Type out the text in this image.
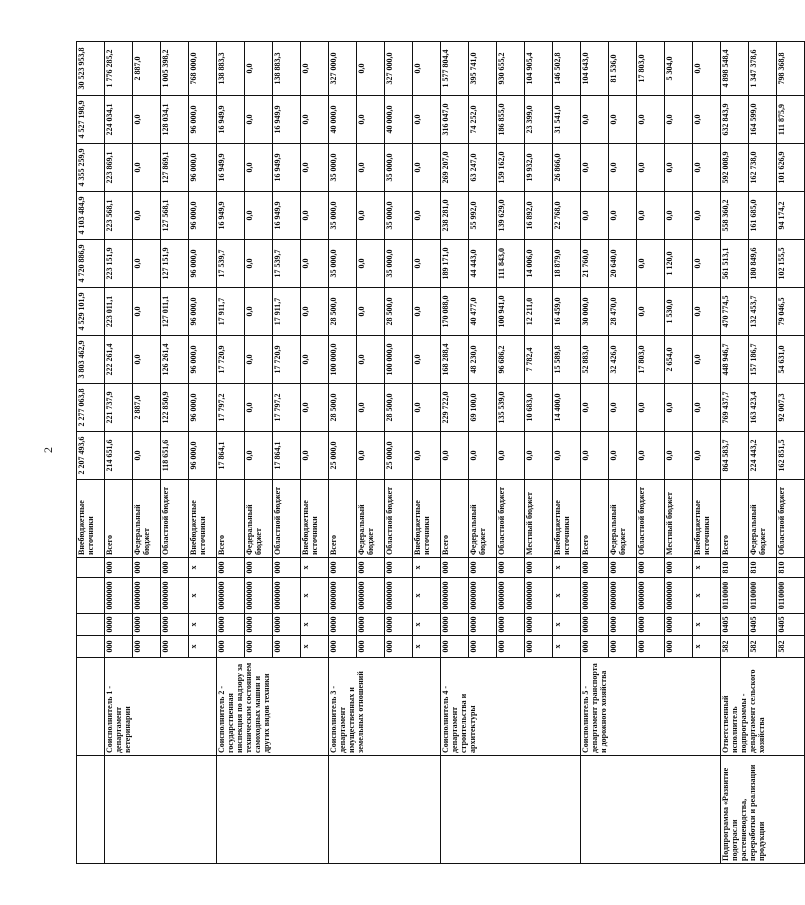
2
						Внебюджетные источники	2 207 493,6	2 277 063,8	3 803 462,9	4 529 101,9	4 720 886,9	4 103 484,9	4 355 259,9	4 527 198,9	30 523 953,8
	Соисполнитель 1 - департамент ветеринарии	000	0000	0000000	000	Всего	214 651,6	221 737,9	222 261,4	223 011,1	223 151,9	223 568,1	223 869,1	224 034,1	1 776 285,2
		000	0000	0000000	000	Федеральный бюджет	0,0	2 887,0	0,0	0,0	0,0	0,0	0,0	0,0	2 887,0
		000	0000	0000000	000	Областной бюджет	118 651,6	122 850,9	126 261,4	127 011,1	127 151,9	127 568,1	127 869,1	128 034,1	1 005 398,2
		x	x	x	x	Внебюджетные источники	96 000,0	96 000,0	96 000,0	96 000,0	96 000,0	96 000,0	96 000,0	96 000,0	768 000,0
	Соисполнитель 2 - государственная инспекция по надзору за техническим состоянием самоходных машин и других видов техники	000	0000	0000000	000	Всего	17 864,1	17 797,2	17 720,9	17 911,7	17 539,7	16 949,9	16 949,9	16 949,9	138 883,3
		000	0000	0000000	000	Федеральный бюджет	0,0	0,0	0,0	0,0	0,0	0,0	0,0	0,0	0,0
		000	0000	0000000	000	Областной бюджет	17 864,1	17 797,2	17 720,9	17 911,7	17 539,7	16 949,9	16 949,9	16 949,9	138 883,3
		x	x	x	x	Внебюджетные источники	0,0	0,0	0,0	0,0	0,0	0,0	0,0	0,0	0,0
	Соисполнитель 3 - департамент имущественных и земельных отношений	000	0000	0000000	000	Всего	25 000,0	28 500,0	100 000,0	28 500,0	35 000,0	35 000,0	35 000,0	40 000,0	327 000,0
		000	0000	0000000	000	Федеральный бюджет	0,0	0,0	0,0	0,0	0,0	0,0	0,0	0,0	0,0
		000	0000	0000000	000	Областной бюджет	25 000,0	28 500,0	100 000,0	28 500,0	35 000,0	35 000,0	35 000,0	40 000,0	327 000,0
		x	x	x	x	Внебюджетные источники	0,0	0,0	0,0	0,0	0,0	0,0	0,0	0,0	0,0
	Соисполнитель 4 - департамент строительства и архитектуры	000	0000	0000000	000	Всего	0,0	229 722,0	168 288,4	170 088,0	189 171,0	238 281,0	269 207,0	316 047,0	1 577 804,4
		000	0000	0000000	000	Федеральный бюджет	0,0	69 100,0	48 230,0	40 477,0	44 443,0	55 992,0	63 247,0	74 252,0	395 741,0
		000	0000	0000000	000	Областной бюджет	0,0	135 539,0	96 686,2	100 941,0	111 843,0	139 629,0	159 162,0	186 855,0	930 655,2
		000	0000	0000000	000	Местный бюджет	0,0	10 683,0	7 782,4	12 211,0	14 006,0	16 892,0	19 932,0	23 399,0	104 905,4
		x	x	x	x	Внебюджетные источники	0,0	14 400,0	15 589,8	16 459,0	18 879,0	22 768,0	26 866,0	31 541,0	146 502,8
	Соисполнитель 5 - департамент транспорта и дорожного хозяйства	000	0000	0000000	000	Всего	0,0	0,0	52 883,0	30 000,0	21 760,0	0,0	0,0	0,0	104 643,0
		000	0000	0000000	000	Федеральный бюджет	0,0	0,0	32 426,0	28 470,0	20 640,0	0,0	0,0	0,0	81 536,0
		000	0000	0000000	000	Областной бюджет	0,0	0,0	17 803,0	0,0	0,0	0,0	0,0	0,0	17 803,0
		000	0000	0000000	000	Местный бюджет	0,0	0,0	2 654,0	1 530,0	1 120,0	0,0	0,0	0,0	5 304,0
		x	x	x	x	Внебюджетные источники	0,0	0,0	0,0	0,0	0,0	0,0	0,0	0,0	0,0
Подпрограмма «Развитие подотрасли растениеводства, переработки и реализации продукции	Ответственный исполнитель подпрограммы - департамент сельского хозяйства	582	0405	0110000	810	Всего	864 583,7	769 437,7	448 946,7	470 774,5	561 513,1	558 360,2	592 008,9	632 843,9	4 898 548,4
		582	0405	0110000	810	Федеральный бюджет	224 443,2	163 423,4	157 186,7	132 453,7	180 849,6	161 685,0	162 738,0	164 599,0	1 347 378,6
		582	0405	0110000	810	Областной бюджет	162 851,5	92 007,3	54 631,0	79 046,5	102 155,5	94 174,2	101 626,9	111 875,9	798 368,8
